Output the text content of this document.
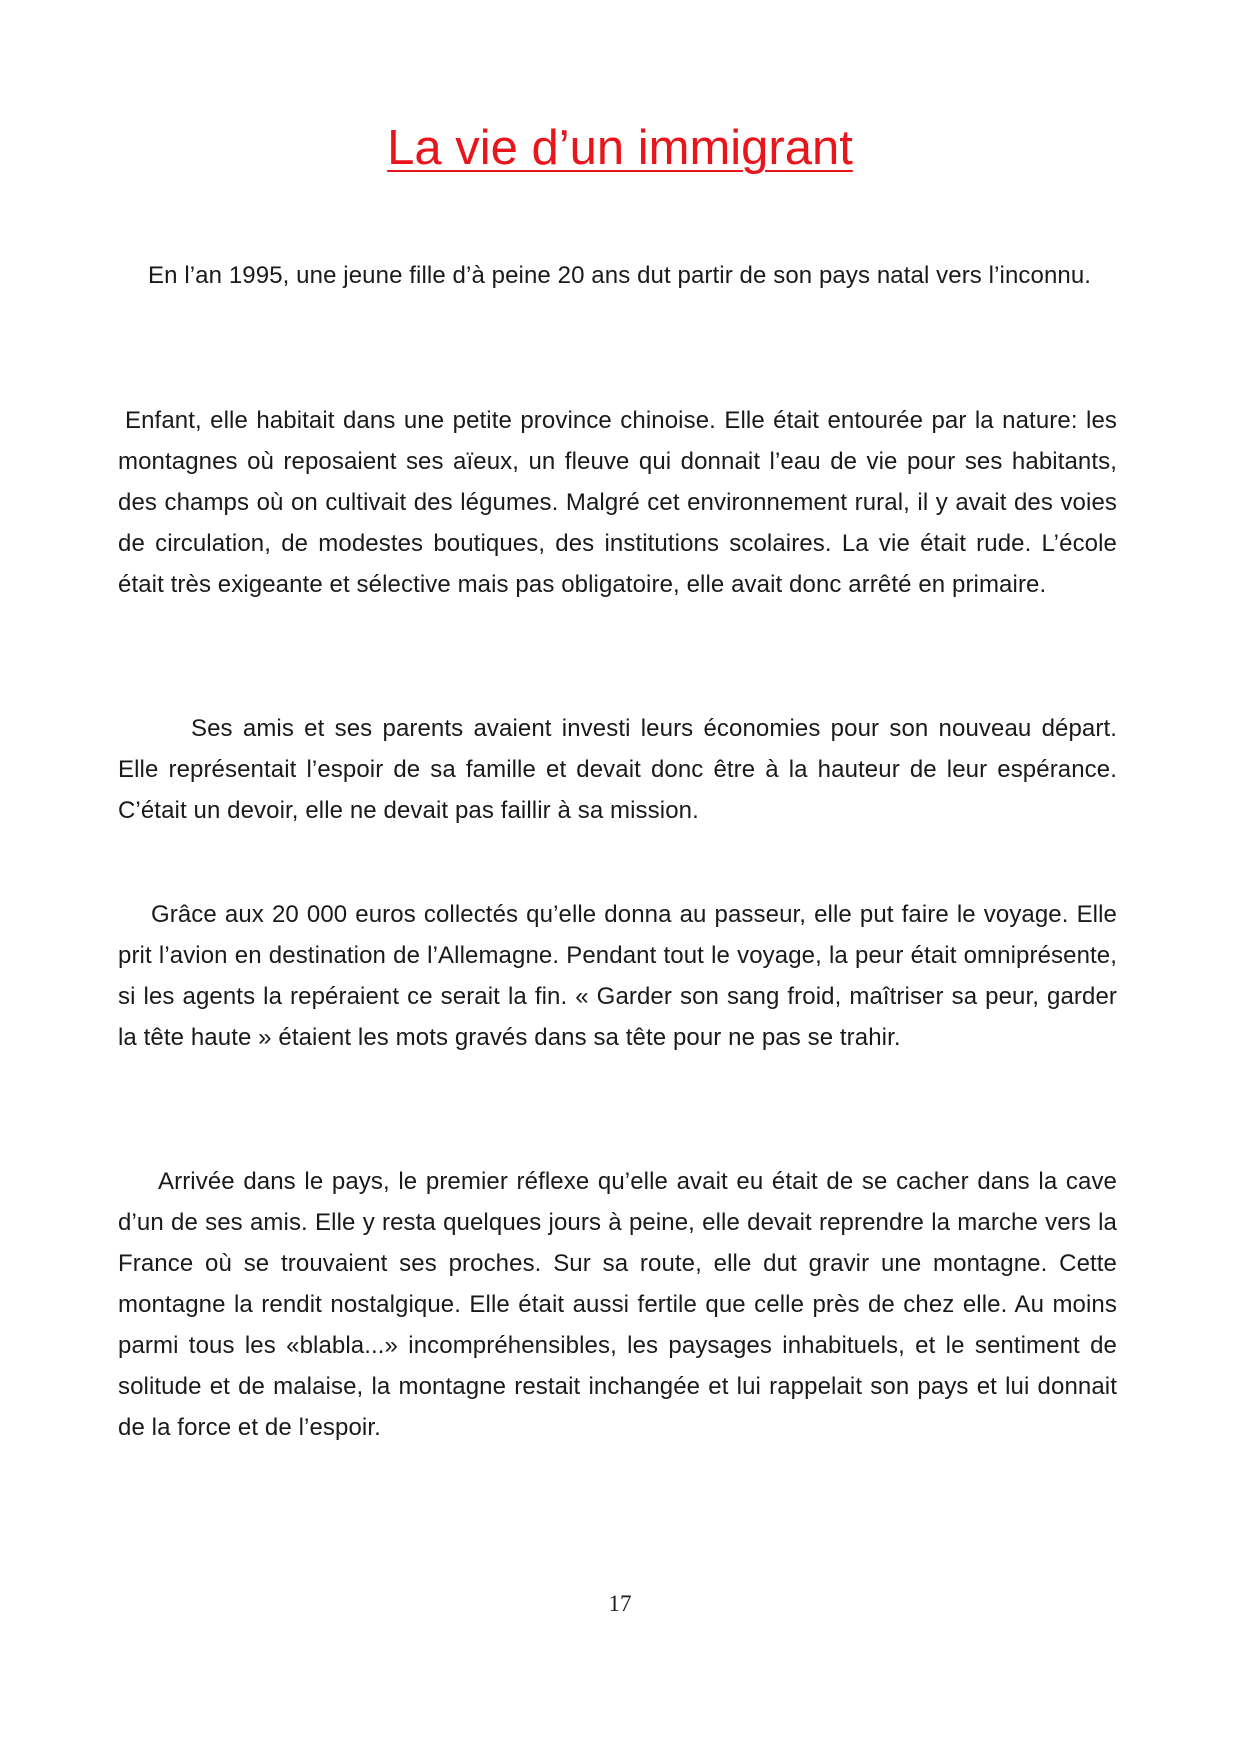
La vie d’un immigrant

En l’an 1995, une jeune fille d’à peine 20 ans dut partir de son pays natal vers l’inconnu.

Enfant, elle habitait dans une petite province chinoise. Elle était entourée par la nature: les montagnes où reposaient ses aïeux, un fleuve qui donnait l’eau de vie pour ses habitants, des champs où on cultivait des légumes. Malgré cet environnement rural, il y avait des voies de circulation, de modestes boutiques, des institutions scolaires. La vie était rude. L’école était très exigeante et sélective mais pas obligatoire, elle avait donc arrêté en primaire.

Ses amis et ses parents avaient investi leurs économies pour son nouveau départ. Elle représentait l’espoir de sa famille et devait donc être à la hauteur de leur espérance. C’était un devoir, elle ne devait pas faillir à sa mission.

Grâce aux 20 000 euros collectés qu’elle donna au passeur, elle put faire le voyage. Elle prit l’avion en destination de l’Allemagne. Pendant tout le voyage, la peur était omniprésente, si les agents la repéraient ce serait la fin. « Garder son sang froid, maîtriser sa peur, garder la tête haute » étaient les mots gravés dans sa tête pour ne pas se trahir.

Arrivée dans le pays, le premier réflexe qu’elle avait eu était de se cacher dans la cave d’un de ses amis. Elle y resta quelques jours à peine, elle devait reprendre la marche vers la France où se trouvaient ses proches. Sur sa route, elle dut gravir une montagne. Cette montagne la rendit nostalgique. Elle était aussi fertile que celle près de chez elle. Au moins parmi tous les «blabla...» incompréhensibles, les paysages inhabituels, et le sentiment de solitude et de malaise, la montagne restait inchangée et lui rappelait son pays et lui donnait de la force et de l’espoir.

17
